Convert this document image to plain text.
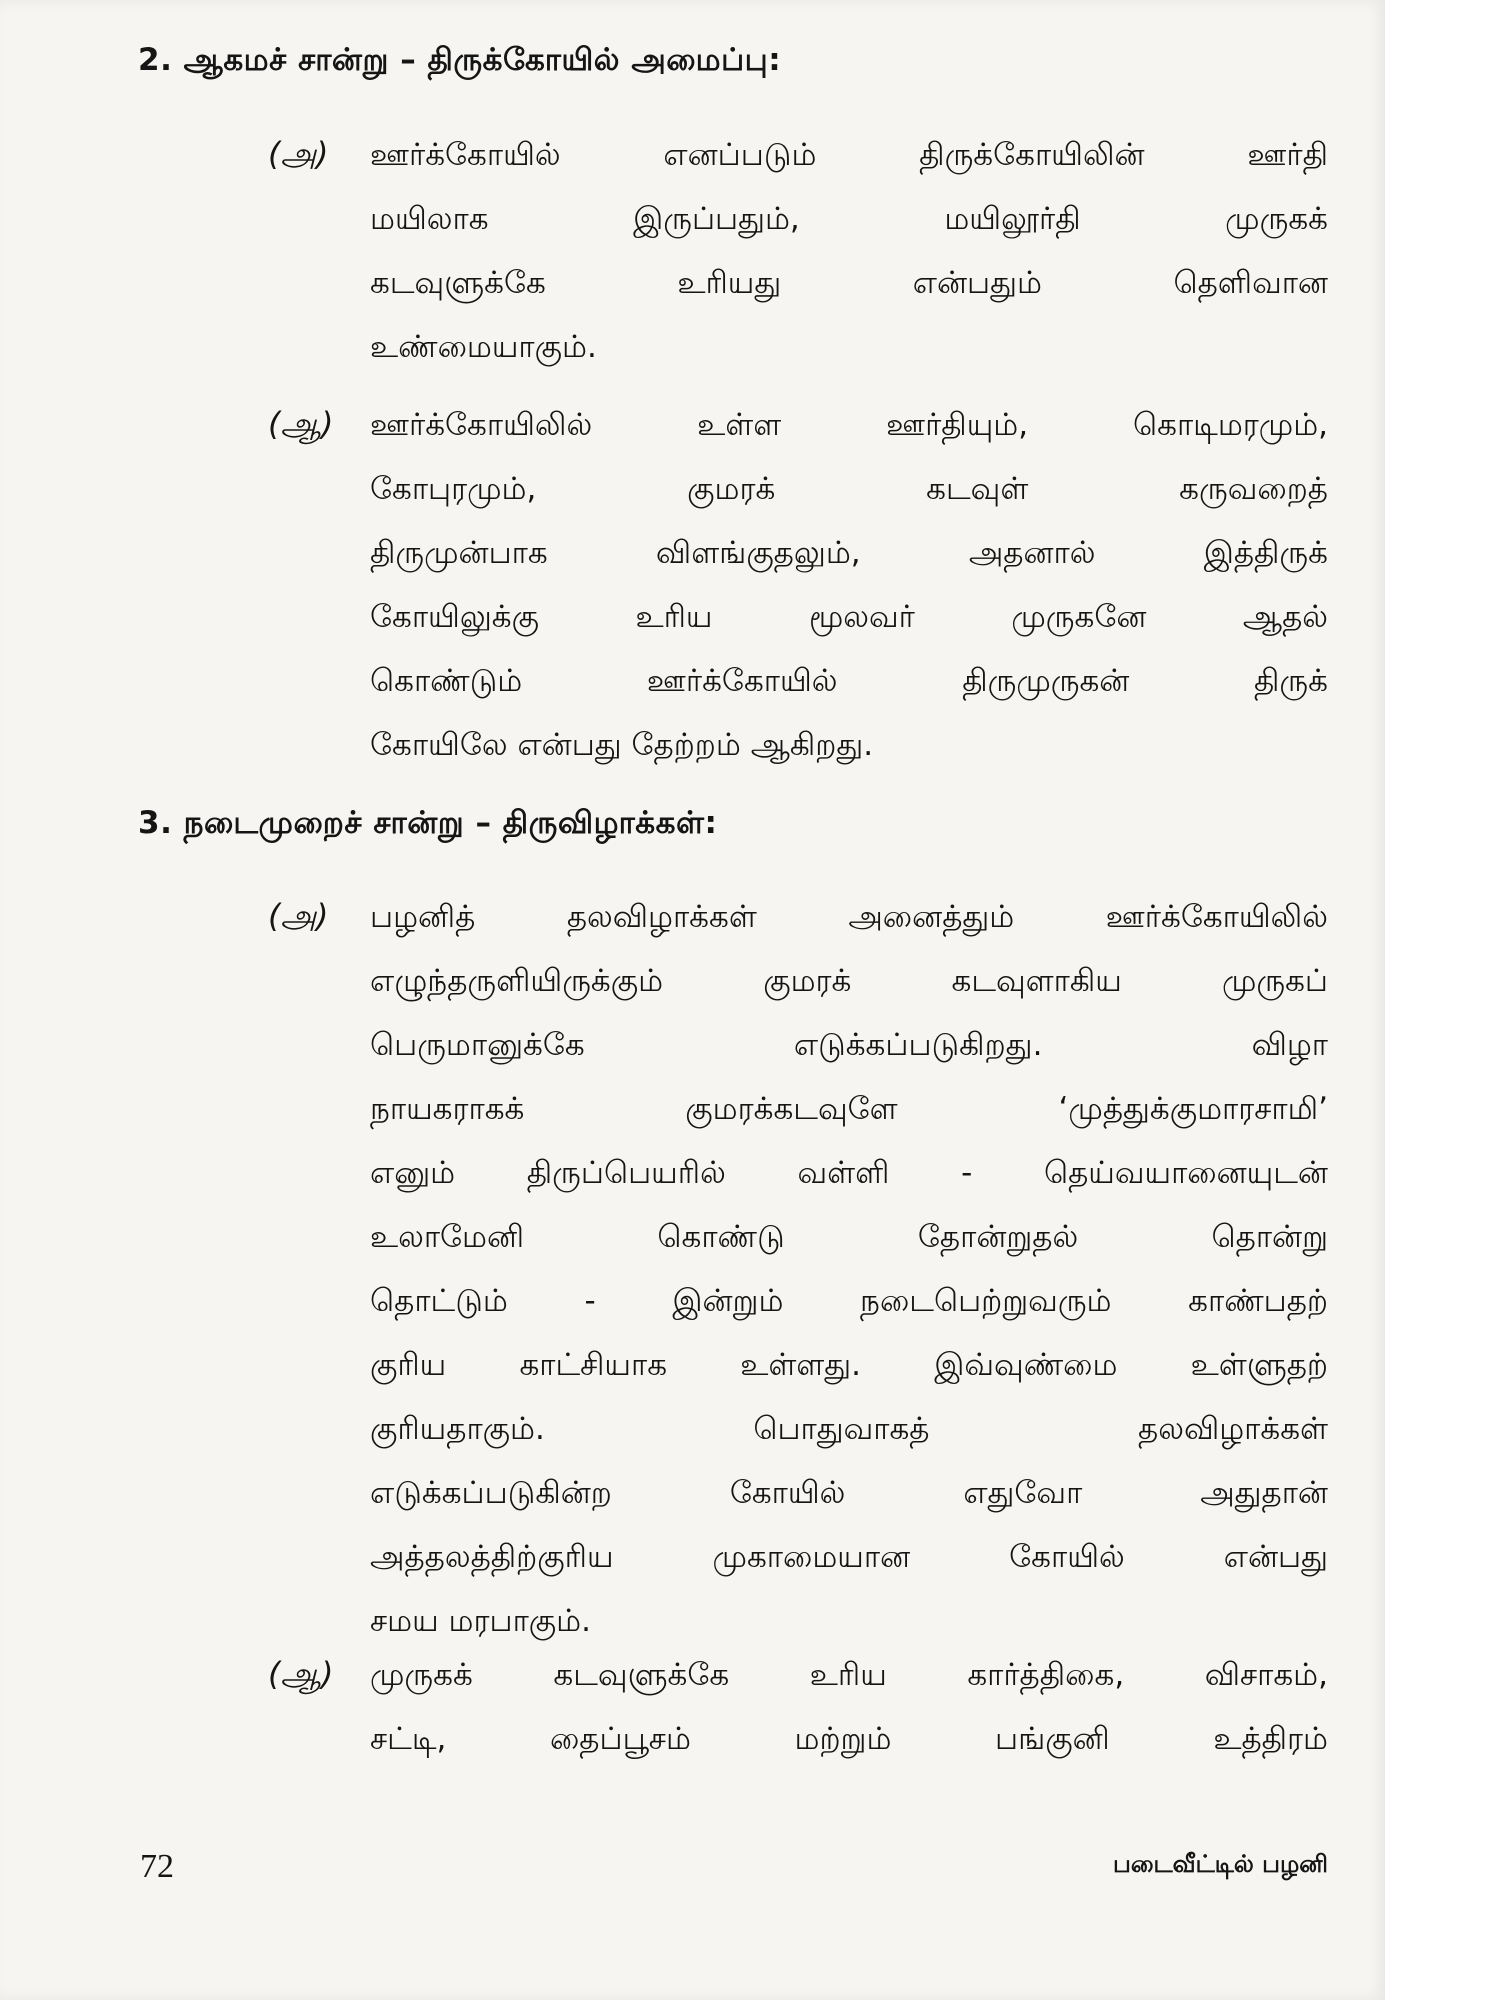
2. ஆகமச் சான்று – திருக்கோயில் அமைப்பு:
(அ) ஊர்க்கோயில் எனப்படும் திருக்கோயிலின் ஊர்தி
மயிலாக இருப்பதும், மயிலூர்தி முருகக்
கடவுளுக்கே உரியது என்பதும் தெளிவான
உண்மையாகும்.
(ஆ) ஊர்க்கோயிலில் உள்ள ஊர்தியும், கொடிமரமும்,
கோபுரமும், குமரக் கடவுள் கருவறைத்
திருமுன்பாக விளங்குதலும், அதனால் இத்திருக்
கோயிலுக்கு உரிய மூலவர் முருகனே ஆதல்
கொண்டும் ஊர்க்கோயில் திருமுருகன் திருக்
கோயிலே என்பது தேற்றம் ஆகிறது.
3. நடைமுறைச் சான்று – திருவிழாக்கள்:
(அ) பழனித் தலவிழாக்கள் அனைத்தும் ஊர்க்கோயிலில்
எழுந்தருளியிருக்கும் குமரக் கடவுளாகிய முருகப்
பெருமானுக்கே எடுக்கப்படுகிறது. விழா
நாயகராகக் குமரக்கடவுளே ‘முத்துக்குமாரசாமி’
எனும் திருப்பெயரில் வள்ளி - தெய்வயானையுடன்
உலாமேனி கொண்டு தோன்றுதல் தொன்று
தொட்டும் - இன்றும் நடைபெற்றுவரும் காண்பதற்
குரிய காட்சியாக உள்ளது. இவ்வுண்மை உள்ளுதற்
குரியதாகும். பொதுவாகத் தலவிழாக்கள்
எடுக்கப்படுகின்ற கோயில் எதுவோ அதுதான்
அத்தலத்திற்குரிய முகாமையான கோயில் என்பது
சமய மரபாகும்.
(ஆ) முருகக் கடவுளுக்கே உரிய கார்த்திகை, விசாகம்,
சட்டி, தைப்பூசம் மற்றும் பங்குனி உத்திரம்
72	படைவீட்டில் பழனி
